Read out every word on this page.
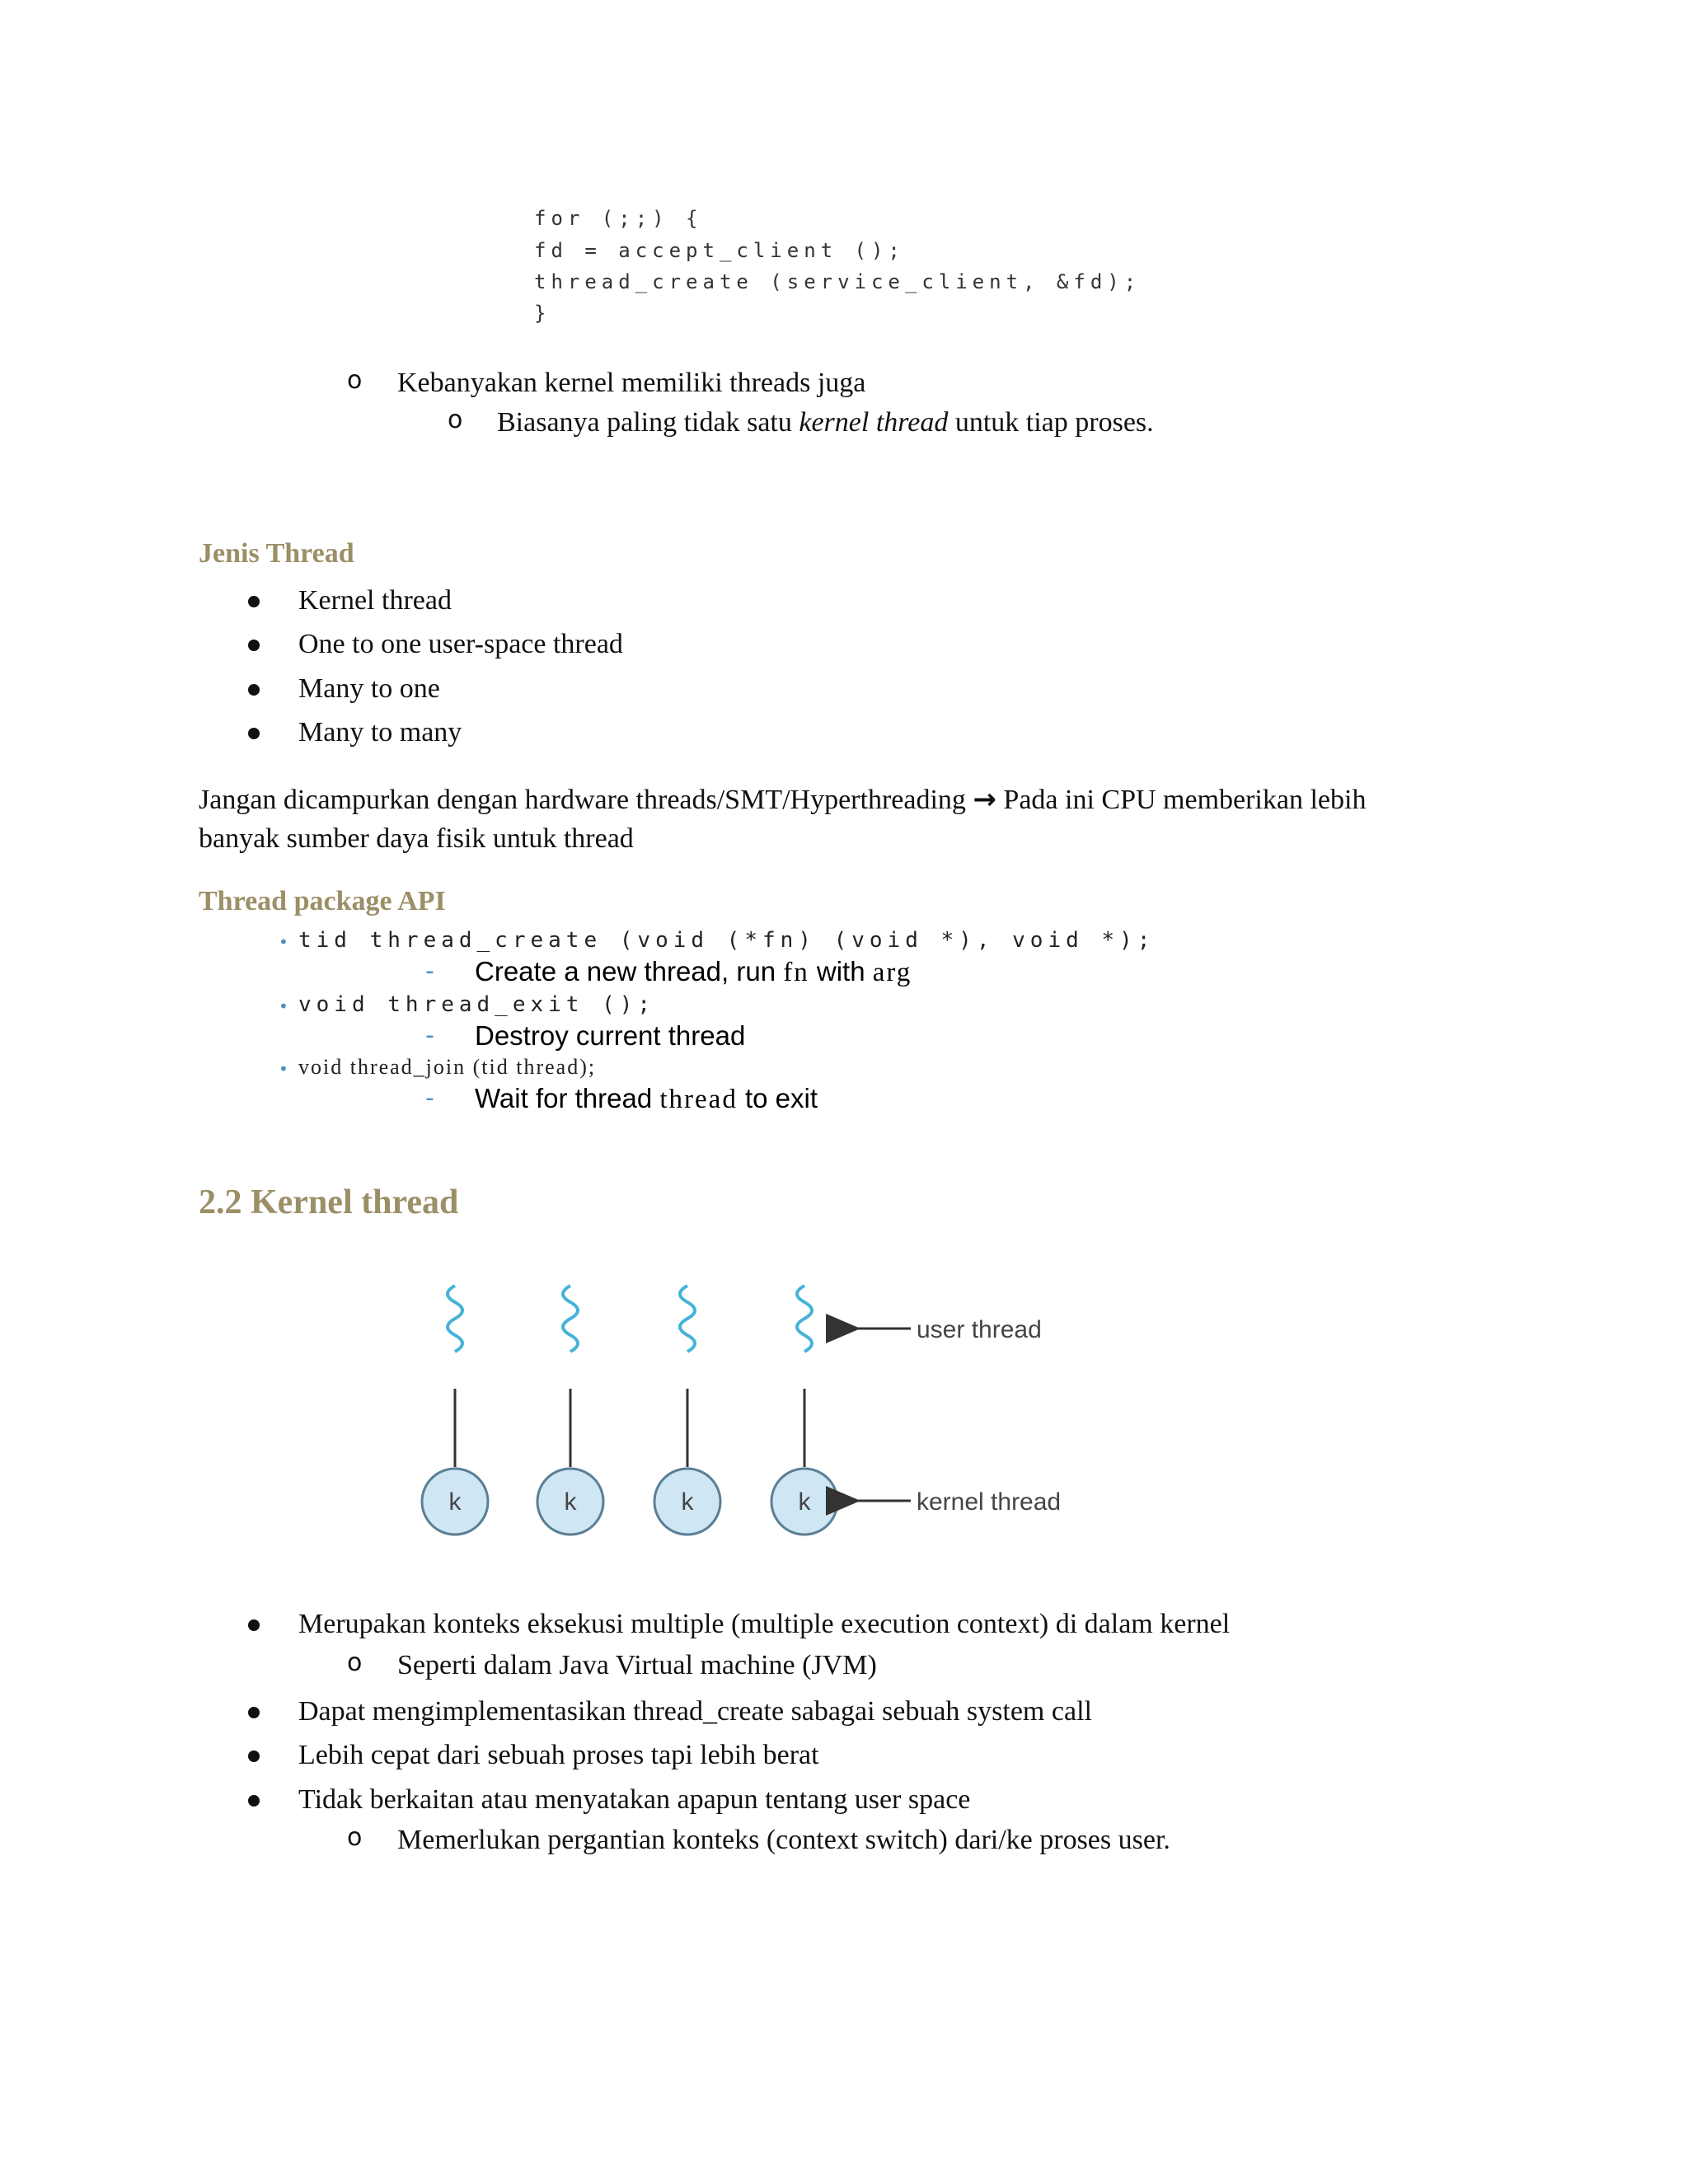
for (;;) {
fd = accept_client ();
thread_create (service_client, &fd);
}
o Kebanyakan kernel memiliki threads juga
o Biasanya paling tidak satu kernel thread untuk tiap proses.
Jenis Thread
Kernel thread
One to one user-space thread
Many to one
Many to many
Jangan dicampurkan dengan hardware threads/SMT/Hyperthreading → Pada ini CPU memberikan lebih
banyak sumber daya fisik untuk thread
Thread package API
• tid thread_create (void (*fn) (void *), void *);
- Create a new thread, run fn with arg
• void thread_exit ();
- Destroy current thread
• void thread_join (tid thread);
- Wait for thread thread to exit
2.2 Kernel thread
k	k	k	k
user thread
kernel thread
Merupakan konteks eksekusi multiple (multiple execution context) di dalam kernel
o Seperti dalam Java Virtual machine (JVM)
Dapat mengimplementasikan thread_create sabagai sebuah system call
Lebih cepat dari sebuah proses tapi lebih berat
Tidak berkaitan atau menyatakan apapun tentang user space
o Memerlukan pergantian konteks (context switch) dari/ke proses user.
